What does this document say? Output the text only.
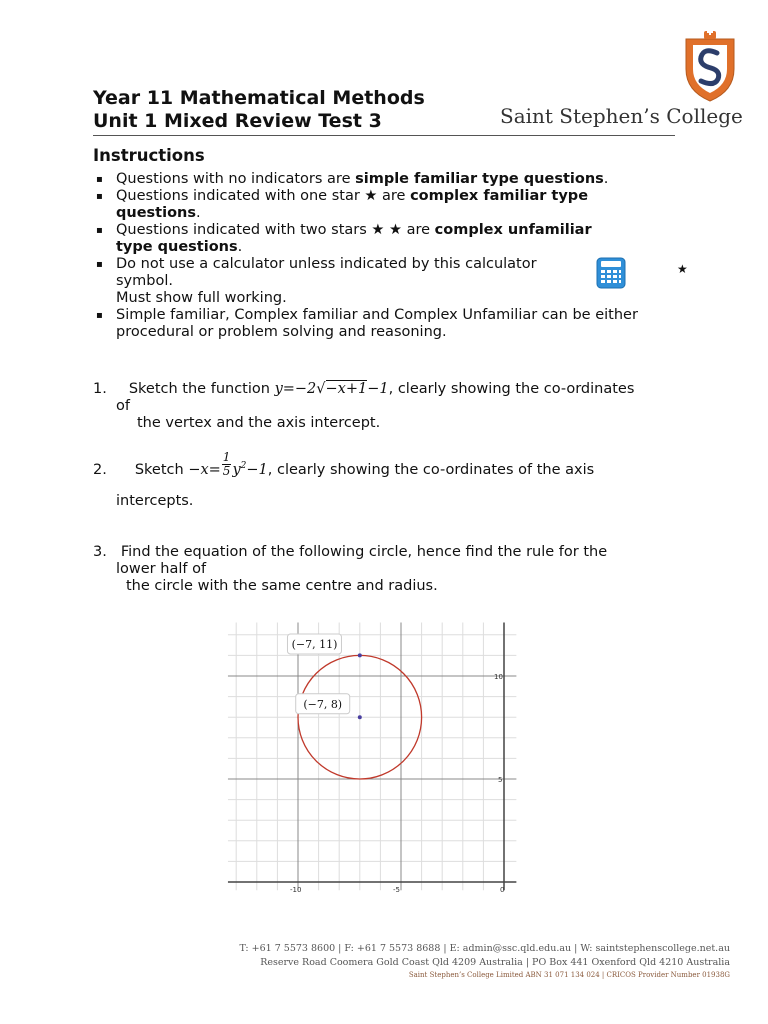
Year 11 Mathematical Methods
Unit 1 Mixed Review Test 3	Saint Stephen’s College
Instructions
▪ Questions with no indicators are simple familiar type questions.
▪ Questions indicated with one star ★ are complex familiar type
questions.
▪ Questions indicated with two stars ★ ★ are complex unfamiliar
type questions.
▪ Do not use a calculator unless indicated by this calculator
symbol.
Must show full working.
★
▪ Simple familiar, Complex familiar and Complex Unfamiliar can be either
procedural or problem solving and reasoning.
1. Sketch the function y=−2√−x+1−1, clearly showing the co-ordinates
of
the vertex and the axis intercept.
2. Sketch $-x= \frac{1}{5} y^2-1$, clearly showing the co-ordinates of the axis
intercepts.
3. Find the equation of the following circle, hence find the rule for the
lower half of
the circle with the same centre and radius.
-10	-5	0
10
5
(−7, 11)
(−7, 8)
T: +61 7 5573 8600 | F: +61 7 5573 8688 | E: admin@ssc.qld.edu.au | W: saintstephenscollege.net.au
Reserve Road Coomera Gold Coast Qld 4209 Australia | PO Box 441 Oxenford Qld 4210 Australia
Saint Stephen’s College Limited ABN 31 071 134 024 | CRICOS Provider Number 01938G
